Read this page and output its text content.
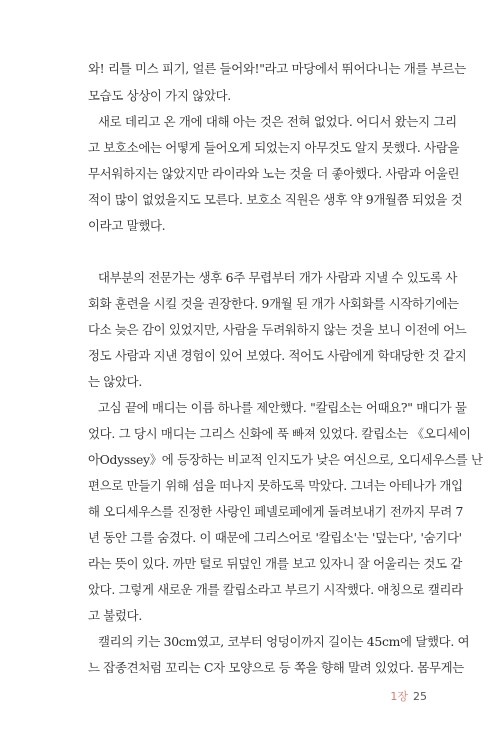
와! 리틀 미스 피기, 얼른 들어와!"라고 마당에서 뛰어다니는 개를 부르는
모습도 상상이 가지 않았다.
새로 데리고 온 개에 대해 아는 것은 전혀 없었다. 어디서 왔는지 그리
고 보호소에는 어떻게 들어오게 되었는지 아무것도 알지 못했다. 사람을
무서워하지는 않았지만 라이라와 노는 것을 더 좋아했다. 사람과 어울린
적이 많이 없었을지도 모른다. 보호소 직원은 생후 약 9개월쯤 되었을 것
이라고 말했다.
대부분의 전문가는 생후 6주 무렵부터 개가 사람과 지낼 수 있도록 사
회화 훈련을 시킬 것을 권장한다. 9개월 된 개가 사회화를 시작하기에는
다소 늦은 감이 있었지만, 사람을 두려워하지 않는 것을 보니 이전에 어느
정도 사람과 지낸 경험이 있어 보였다. 적어도 사람에게 학대당한 것 같지
는 않았다.
고심 끝에 매디는 이름 하나를 제안했다. "칼립소는 어때요?" 매디가 물
었다. 그 당시 매디는 그리스 신화에 푹 빠져 있었다. 칼립소는 《오디세이
아Odyssey》에 등장하는 비교적 인지도가 낮은 여신으로, 오디세우스를 난
편으로 만들기 위해 섬을 떠나지 못하도록 막았다. 그녀는 아테나가 개입
해 오디세우스를 진정한 사랑인 페넬로페에게 돌려보내기 전까지 무려 7
년 동안 그를 숨겼다. 이 때문에 그리스어로 '칼립소'는 '덮는다', '숨기다'
라는 뜻이 있다. 까만 털로 뒤덮인 개를 보고 있자니 잘 어울리는 것도 같
았다. 그렇게 새로운 개를 칼립소라고 부르기 시작했다. 애칭으로 캘리라
고 불렀다.
캘리의 키는 30cm였고, 코부터 엉덩이까지 길이는 45cm에 달했다. 여
느 잡종견처럼 꼬리는 C자 모양으로 등 쪽을 향해 말려 있었다. 몸무게는
1장 25
